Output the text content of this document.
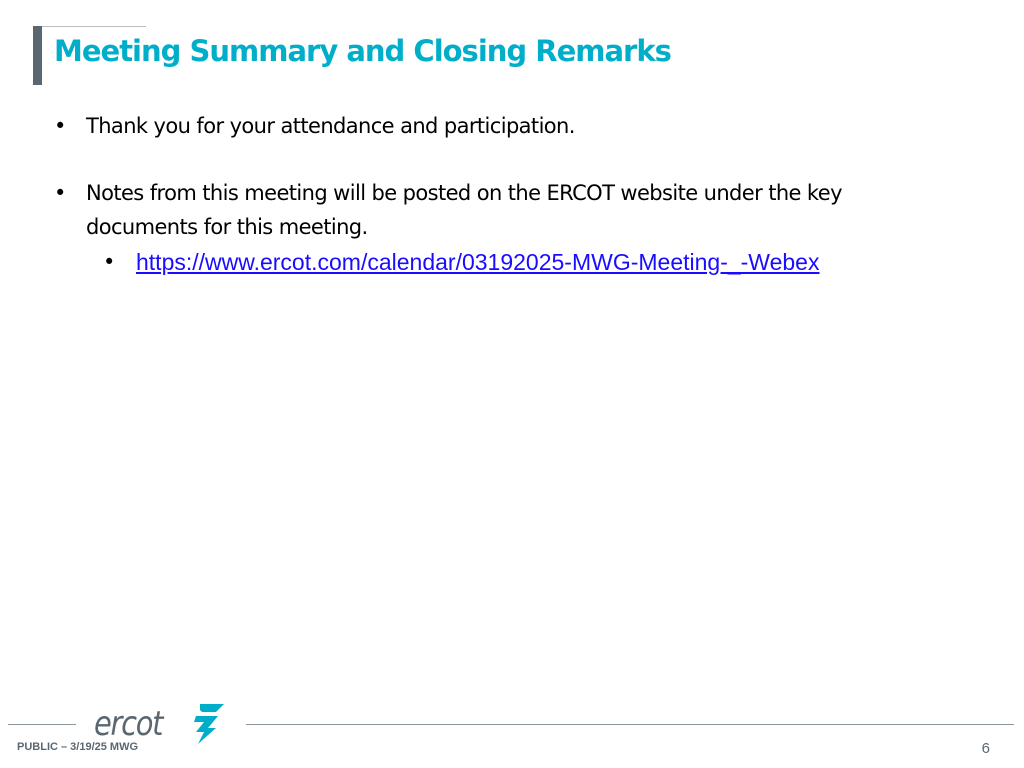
Meeting Summary and Closing Remarks
• Thank you for your attendance and participation.
• Notes from this meeting will be posted on the ERCOT website under the key documents for this meeting.
• https://www.ercot.com/calendar/03192025-MWG-Meeting-_-Webex
ercot
PUBLIC – 3/19/25 MWG	6
